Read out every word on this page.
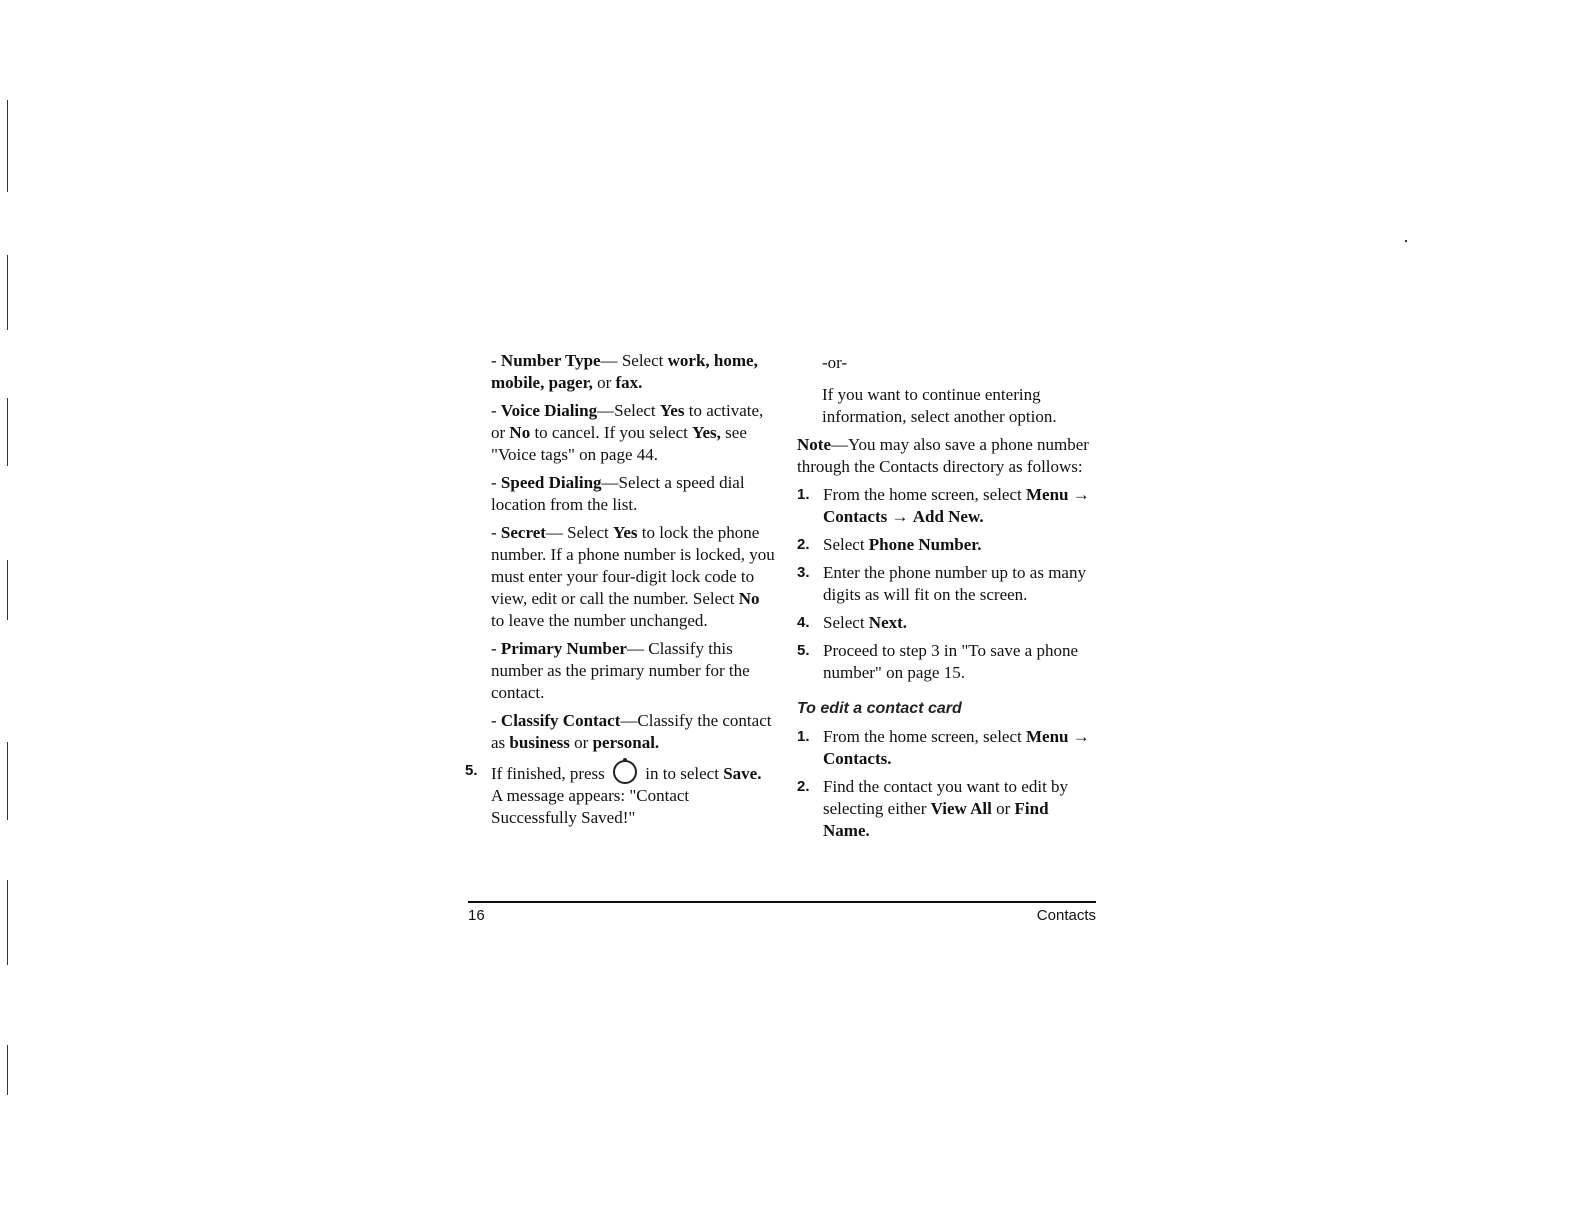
- Number Type— Select work, home, mobile, pager, or fax.

- Voice Dialing—Select Yes to activate, or No to cancel. If you select Yes, see "Voice tags" on page 44.

- Speed Dialing—Select a speed dial location from the list.

- Secret— Select Yes to lock the phone number. If a phone number is locked, you must enter your four-digit lock code to view, edit or call the number. Select No to leave the number unchanged.

- Primary Number— Classify this number as the primary number for the contact.

- Classify Contact—Classify the contact as business or personal.

5. If finished, press  in to select Save. A message appears: "Contact Successfully Saved!"
-or-

If you want to continue entering information, select another option.

Note—You may also save a phone number through the Contacts directory as follows:

1. From the home screen, select Menu → Contacts → Add New.
2. Select Phone Number.
3. Enter the phone number up to as many digits as will fit on the screen.
4. Select Next.
5. Proceed to step 3 in "To save a phone number" on page 15.
To edit a contact card
1. From the home screen, select Menu → Contacts.
2. Find the contact you want to edit by selecting either View All or Find Name.
16	Contacts
